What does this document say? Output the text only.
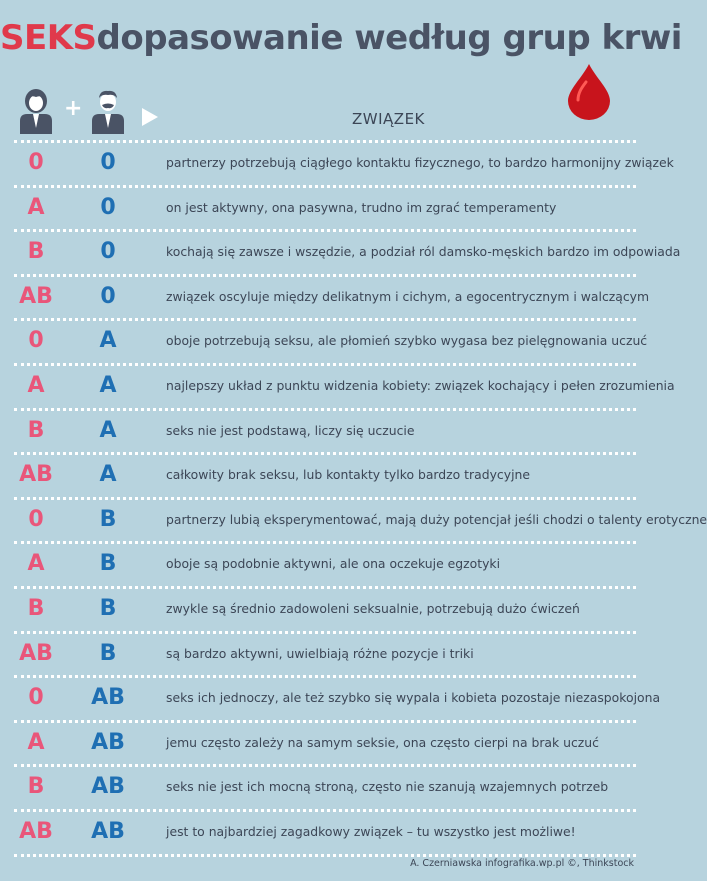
SEKSdopasowanie według grup krwi
+	ZWIĄZEK
0	0	partnerzy potrzebują ciągłego kontaktu fizycznego, to bardzo harmonijny związek
A	0	on jest aktywny, ona pasywna, trudno im zgrać temperamenty
B	0	kochają się zawsze i wszędzie, a podział ról damsko-męskich bardzo im odpowiada
AB	0	związek oscyluje między delikatnym i cichym, a egocentrycznym i walczącym
0	A	oboje potrzebują seksu, ale płomień szybko wygasa bez pielęgnowania uczuć
A	A	najlepszy układ z punktu widzenia kobiety: związek kochający i pełen zrozumienia
B	A	seks nie jest podstawą, liczy się uczucie
AB	A	całkowity brak seksu, lub kontakty tylko bardzo tradycyjne
0	B	partnerzy lubią eksperymentować, mają duży potencjał jeśli chodzi o talenty erotyczne
A	B	oboje są podobnie aktywni, ale ona oczekuje egzotyki
B	B	zwykle są średnio zadowoleni seksualnie, potrzebują dużo ćwiczeń
AB	B	są bardzo aktywni, uwielbiają różne pozycje i triki
0	AB	seks ich jednoczy, ale też szybko się wypala i kobieta pozostaje niezaspokojona
A	AB	jemu często zależy na samym seksie, ona często cierpi na brak uczuć
B	AB	seks nie jest ich mocną stroną, często nie szanują wzajemnych potrzeb
AB	AB	jest to najbardziej zagadkowy związek – tu wszystko jest możliwe!
A. Czerniawska infografika.wp.pl ©, Thinkstock
